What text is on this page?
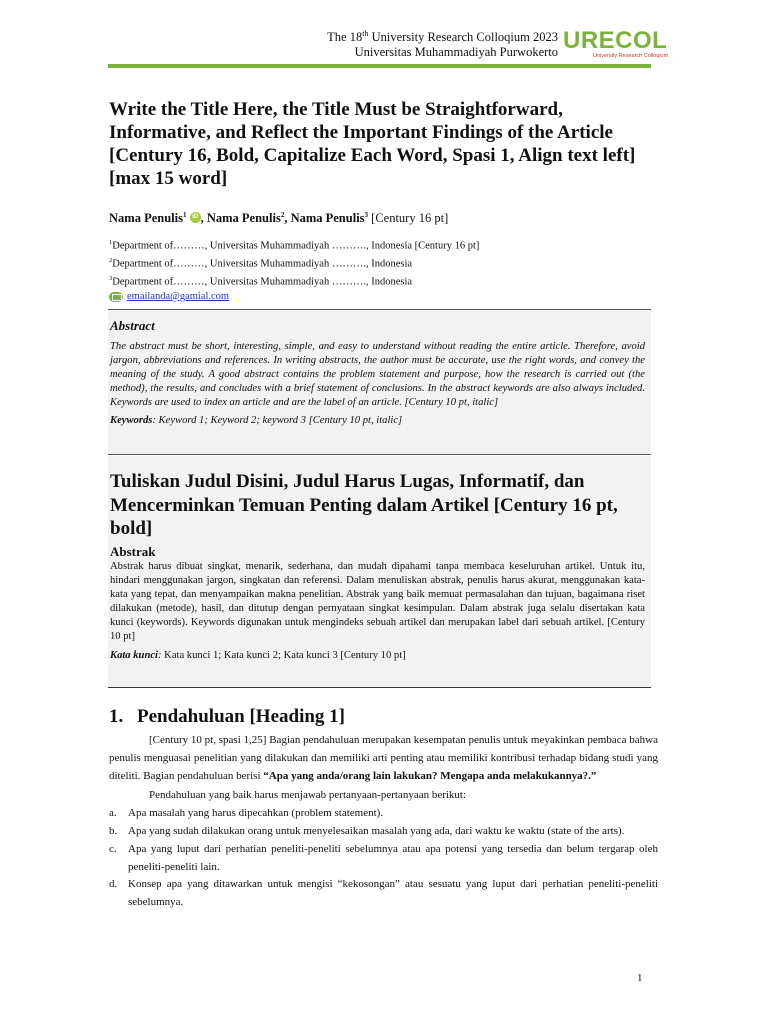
The 18th University Research Colloqium 2023
Universitas Muhammadiyah Purwokerto URECOL
University Research Colloqium
Write the Title Here, the Title Must be Straightforward, Informative, and Reflect the Important Findings of the Article [Century 16, Bold, Capitalize Each Word, Spasi 1, Align text left] [max 15 word]
Nama Penulis$^1$ iD , Nama Penulis$^2$, Nama Penulis$^3$ [Century 16 pt]
$^1$Department of………, Universitas Muhammadiyah ………., Indonesia [Century 16 pt]
$^2$Department of………, Universitas Muhammadiyah ………., Indonesia
$^3$Department of………, Universitas Muhammadiyah ………., Indonesia
emailanda@gamial.com
Abstract
The abstract must be short, interesting, simple, and easy to understand without reading the entire article. Therefore, avoid jargon, abbreviations and references. In writing abstracts, the author must be accurate, use the right words, and convey the meaning of the study. A good abstract contains the problem statement and purpose, how the research is carried out (the method), the results, and concludes with a brief statement of conclusions. In the abstract keywords are also always included. Keywords are used to index an article and are the label of an article. [Century 10 pt, italic]
Keywords: Keyword 1; Keyword 2; keyword 3 [Century 10 pt, italic]
Tuliskan Judul Disini, Judul Harus Lugas, Informatif, dan Mencerminkan Temuan Penting dalam Artikel [Century 16 pt, bold]
Abstrak
Abstrak harus dibuat singkat, menarik, sederhana, dan mudah dipahami tanpa membaca keseluruhan artikel. Untuk itu, hindari menggunakan jargon, singkatan dan referensi. Dalam menuliskan abstrak, penulis harus akurat, menggunakan kata-kata yang tepat, dan menyampaikan makna penelitian. Abstrak yang baik memuat permasalahan dan tujuan, bagaimana riset dilakukan (metode), hasil, dan ditutup dengan pernyataan singkat kesimpulan. Dalam abstrak juga selalu disertakan kata kunci (keywords). Keywords digunakan untuk mengindeks sebuah artikel dan merupakan label dari sebuah artikel. [Century 10 pt]
Kata kunci: Kata kunci 1; Kata kunci 2; Kata kunci 3 [Century 10 pt]
1. Pendahuluan [Heading 1]

[Century 10 pt, spasi 1,25] Bagian pendahuluan merupakan kesempatan penulis untuk meyakinkan pembaca bahwa penulis menguasai penelitian yang dilakukan dan memiliki arti penting atau memiliki kontribusi terhadap bidang studi yang diteliti. Bagian pendahuluan berisi “Apa yang anda/orang lain lakukan? Mengapa anda melakukannya?.”

Pendahuluan yang baik harus menjawab pertanyaan-pertanyaan berikut:

a.	Apa masalah yang harus dipecahkan (problem statement).
b. Apa yang sudah dilakukan orang untuk menyelesaikan masalah yang ada, dari waktu ke waktu (state of the arts).
c.	Apa yang luput dari perhatian peneliti-peneliti sebelumnya atau apa potensi yang tersedia dan belum tergarap oleh peneliti-peneliti lain.
d. Konsep apa yang ditawarkan untuk mengisi “kekosongan” atau sesuatu yang luput dari perhatian peneliti-peneliti sebelumnya.
1
